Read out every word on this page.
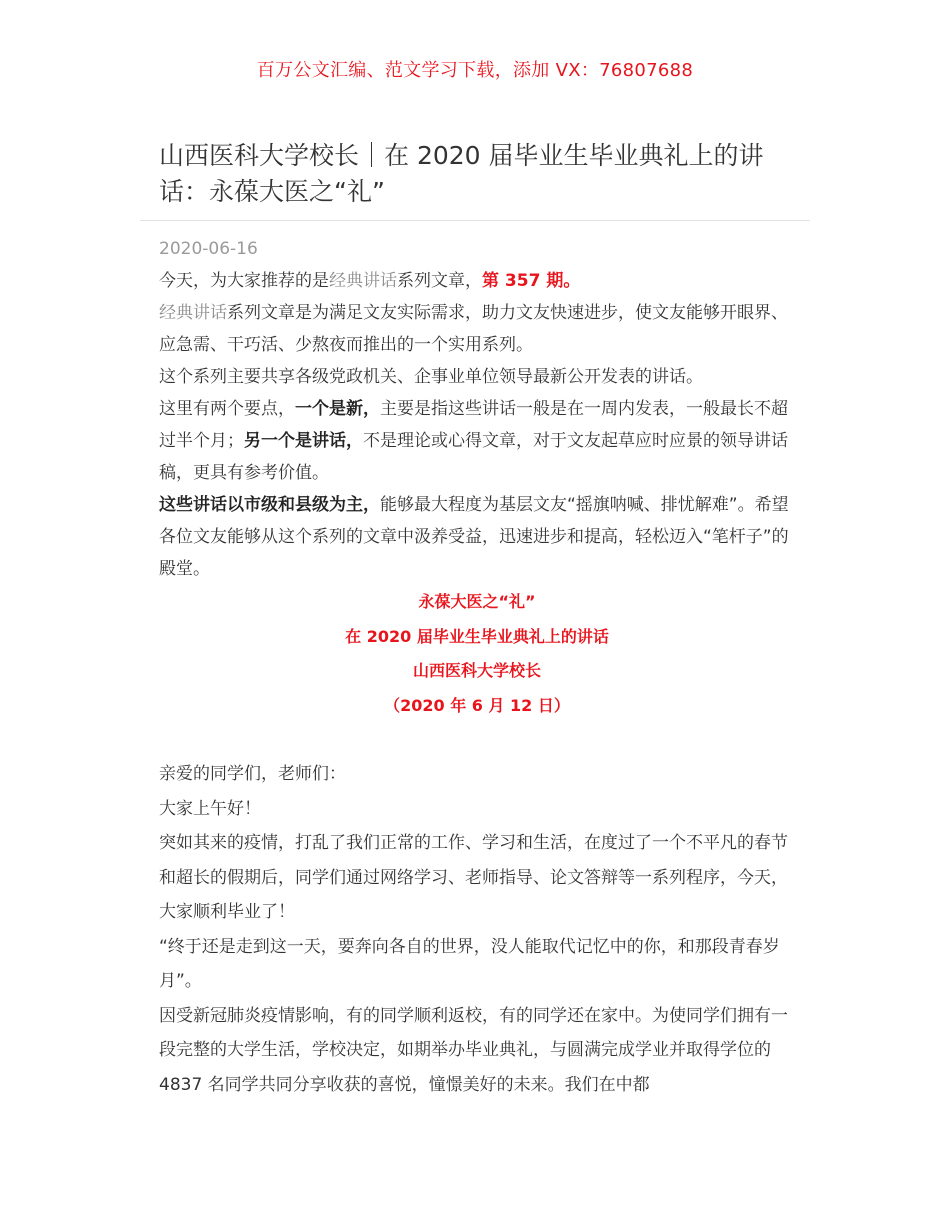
百万公文汇编、范文学习下载，添加 VX：76807688
山西医科大学校长｜在 2020 届毕业生毕业典礼上的讲话：永葆大医之“礼”
2020-06-16

今天，为大家推荐的是经典讲话系列文章，第 357 期。

经典讲话系列文章是为满足文友实际需求，助力文友快速进步，使文友能够开眼界、应急需、干巧活、少熬夜而推出的一个实用系列。

这个系列主要共享各级党政机关、企事业单位领导最新公开发表的讲话。

这里有两个要点，一个是新，主要是指这些讲话一般是在一周内发表，一般最长不超过半个月；另一个是讲话，不是理论或心得文章，对于文友起草应时应景的领导讲话稿，更具有参考价值。

这些讲话以市级和县级为主，能够最大程度为基层文友“摇旗呐喊、排忧解难”。希望各位文友能够从这个系列的文章中汲养受益，迅速进步和提高，轻松迈入“笔杆子”的殿堂。

永葆大医之“礼”
在 2020 届毕业生毕业典礼上的讲话
山西医科大学校长
（2020 年 6 月 12 日）

亲爱的同学们，老师们：

大家上午好！

突如其来的疫情，打乱了我们正常的工作、学习和生活，在度过了一个不平凡的春节和超长的假期后，同学们通过网络学习、老师指导、论文答辩等一系列程序，今天，大家顺利毕业了！

“终于还是走到这一天，要奔向各自的世界，没人能取代记忆中的你，和那段青春岁月”。

因受新冠肺炎疫情影响，有的同学顺利返校，有的同学还在家中。为使同学们拥有一段完整的大学生活，学校决定，如期举办毕业典礼，与圆满完成学业并取得学位的 4837 名同学共同分享收获的喜悦，憧憬美好的未来。我们在中都
